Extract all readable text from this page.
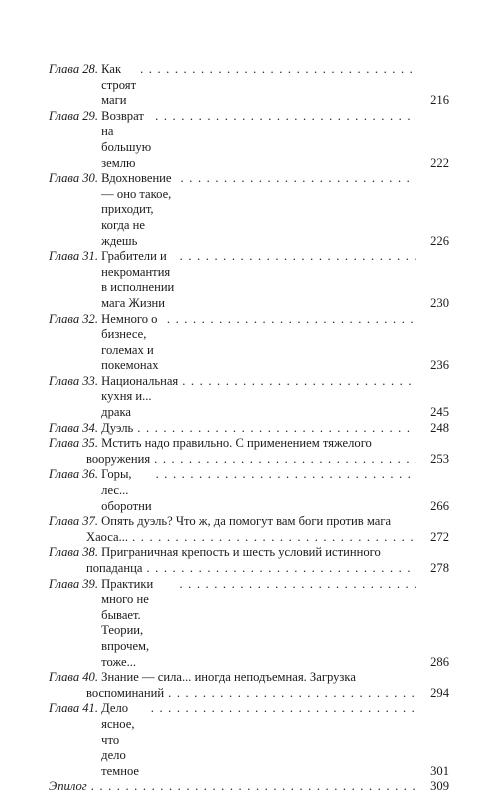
Глава 28.
Как строят маги
. . .	216
Глава 29.
Возврат на большую землю
. . .	222
Глава 30.
Вдохновение — оно такое, приходит, когда не ждешь
. . .	226
Глава 31.
Грабители и некромантия в исполнении мага Жизни
. . .	230
Глава 32.
Немного о бизнесе, големах и покемонах
. . .	236
Глава 33.
Национальная кухня и... драка
. . .	245
Глава 34.
Дуэль . . .	248
Глава 35.
Мстить надо правильно. С применением тяжелого
вооружения . . .	253
Глава 36.
Горы, лес... оборотни
. . .	266
Глава 37.
Опять дуэль? Что ж, да помогут вам боги против мага
Хаоса... . . .	272
Глава 38.
Приграничная крепость и шесть условий истинного
попаданца . . .	278
Глава 39.
Практики много не бывает. Теории, впрочем, тоже...
. . .	286
Глава 40.
Знание — сила... иногда неподъемная. Загрузка
воспоминаний . . .	294
Глава 41.
Дело ясное, что дело темное
. . .	301
Эпилог . . .	309
